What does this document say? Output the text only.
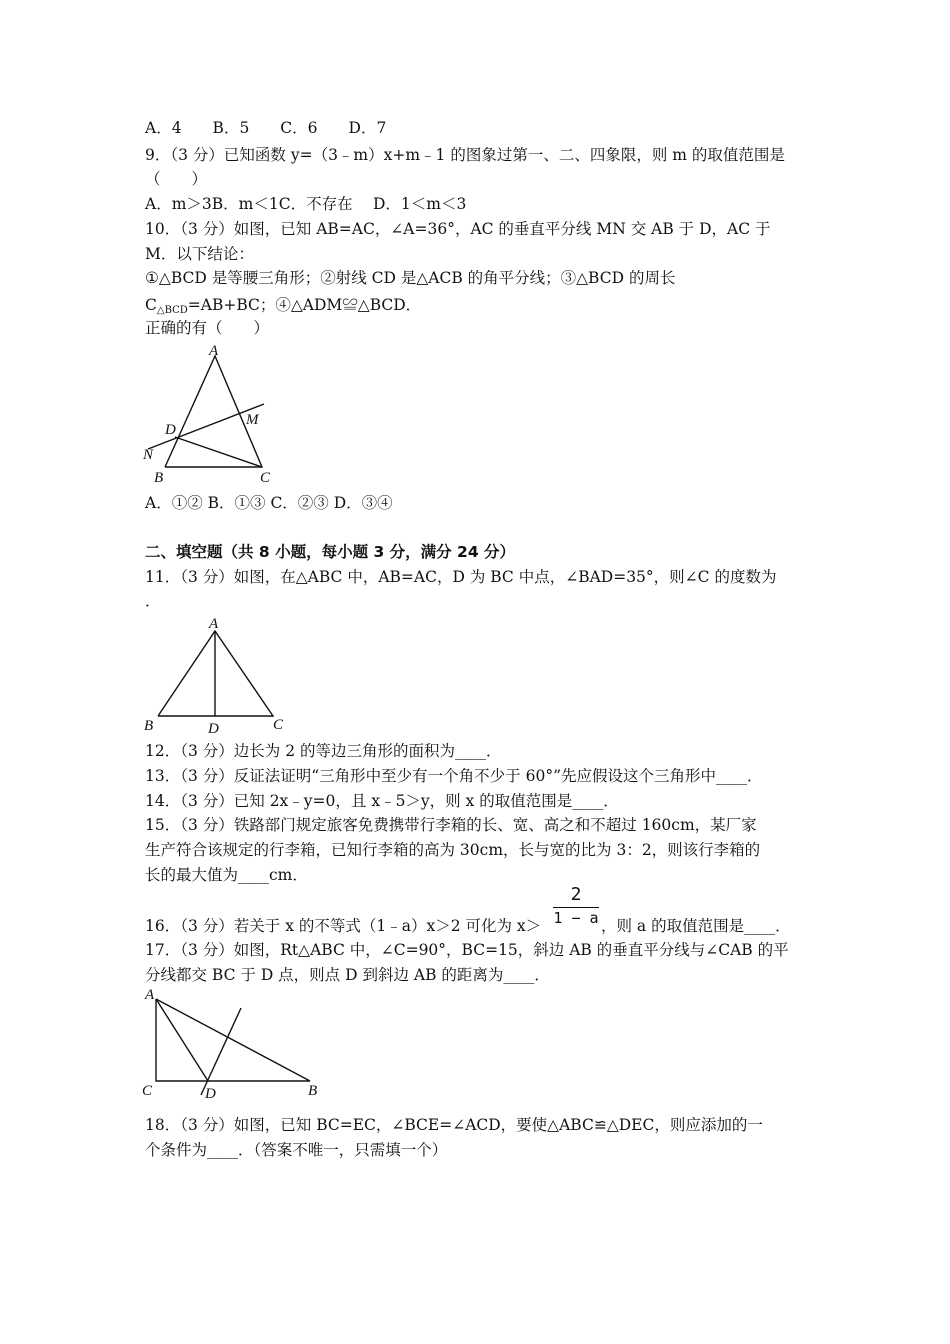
A．4　　B．5　　C．6　　D．7
9．（3 分）已知函数 y=（3﹣m）x+m﹣1 的图象过第一、二、四象限，则 m 的取值范围是
（　　）
A．m＞3B．m＜1C．不存在　 D．1＜m＜3
10．（3 分）如图，已知 AB=AC，∠A=36°，AC 的垂直平分线 MN 交 AB 于 D，AC 于
M．以下结论：
①△BCD 是等腰三角形；②射线 CD 是△ACB 的角平分线；③△BCD 的周长
$C_{\triangle BCD}=AB+BC$；④△ADM≌△BCD．
正确的有（　　）
A
M
D
N
B	C
A．①② B．①③ C．②③ D．③④
二、填空题（共 8 小题，每小题 3 分，满分 24 分）
11．（3 分）如图，在△ABC 中，AB=AC，D 为 BC 中点，∠BAD=35°，则∠C 的度数为
．
A
B	D	C
12．（3 分）边长为 2 的等边三角形的面积为____．
13．（3 分）反证法证明“三角形中至少有一个角不少于 60°”先应假设这个三角形中____．
14．（3 分）已知 2x﹣y=0，且 x﹣5＞y，则 x 的取值范围是____．
15．（3 分）铁路部门规定旅客免费携带行李箱的长、宽、高之和不超过 160cm，某厂家
生产符合该规定的行李箱，已知行李箱的高为 30cm，长与宽的比为 3：2，则该行李箱的
长的最大值为____cm．
2
1 − a
16．（3 分）若关于 x 的不等式（1﹣a）x＞2 可化为 x＞	，则 a 的取值范围是____．
17．（3 分）如图，Rt△ABC 中，∠C=90°，BC=15，斜边 AB 的垂直平分线与∠CAB 的平
分线都交 BC 于 D 点，则点 D 到斜边 AB 的距离为____．
A
C	D	B
18．（3 分）如图，已知 BC=EC，∠BCE=∠ACD，要使△ABC≌△DEC，则应添加的一
个条件为____．（答案不唯一，只需填一个）
